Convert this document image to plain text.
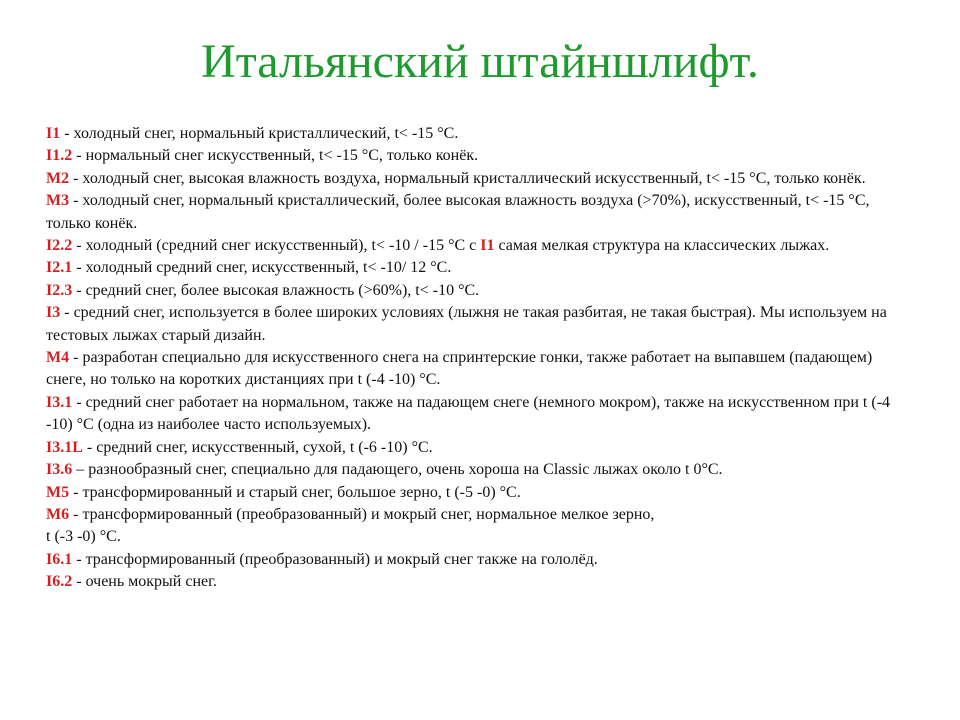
Итальянский штайншлифт.

I1 - холодный снег, нормальный кристаллический, t< -15 °C.

I1.2 - нормальный снег искусственный, t< -15 °C, только конёк.

M2 - холодный снег, высокая влажность воздуха, нормальный кристаллический искусственный, t< -15 °C, только конёк.

M3 - холодный снег, нормальный кристаллический, более высокая влажность воздуха (>70%), искусственный, t< -15 °C, только конёк.

I2.2 - холодный (средний снег искусственный), t< -10 / -15 °C с I1 самая мелкая структура на классических лыжах.

I2.1 - холодный средний снег, искусственный, t< -10/ 12 °C.

I2.3 - средний снег, более высокая влажность (>60%), t< -10 °C.

I3 - средний снег, используется в более широких условиях (лыжня не такая разбитая, не такая быстрая). Мы используем на тестовых лыжах старый дизайн.

M4 - разработан специально для искусственного снега на спринтерские гонки, также работает на выпавшем (падающем) снеге, но только на коротких дистанциях при t (-4 -10) °C.

I3.1 - средний снег работает на нормальном, также на падающем снеге (немного мокром), также на искусственном при t (-4 -10) °C (одна из наиболее часто используемых).

I3.1L - средний снег, искусственный, сухой, t (-6 -10) °C.

I3.6 – разнообразный снег, специально для падающего, очень хороша на Classic лыжах около t 0°C.

M5 - трансформированный и старый снег, большое зерно, t (-5 -0) °C.

M6 - трансформированный (преобразованный) и мокрый снег, нормальное мелкое зерно,

t (-3 -0) °C.

I6.1 - трансформированный (преобразованный) и мокрый снег также на гололёд.

I6.2 - очень мокрый снег.
